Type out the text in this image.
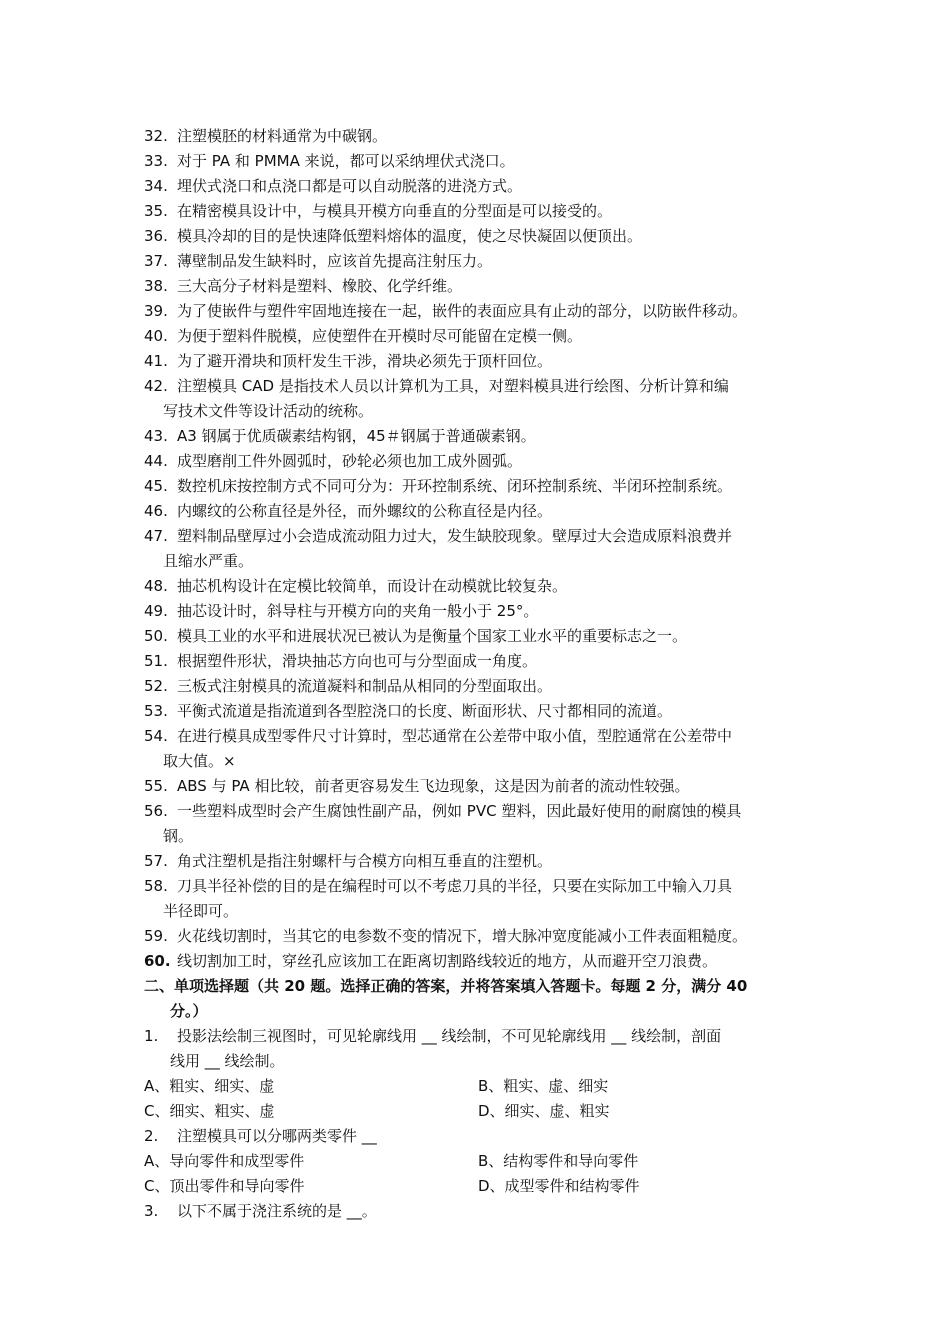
32. 注塑模胚的材料通常为中碳钢。
33. 对于 PA 和 PMMA 来说，都可以采纳埋伏式浇口。
34. 埋伏式浇口和点浇口都是可以自动脱落的进浇方式。
35. 在精密模具设计中，与模具开模方向垂直的分型面是可以接受的。
36. 模具冷却的目的是快速降低塑料熔体的温度，使之尽快凝固以便顶出。
37. 薄壁制品发生缺料时，应该首先提高注射压力。
38. 三大高分子材料是塑料、橡胶、化学纤维。
39. 为了使嵌件与塑件牢固地连接在一起，嵌件的表面应具有止动的部分，以防嵌件移动。
40. 为便于塑料件脱模，应使塑件在开模时尽可能留在定模一侧。
41. 为了避开滑块和顶杆发生干涉，滑块必须先于顶杆回位。
42. 注塑模具 CAD 是指技术人员以计算机为工具，对塑料模具进行绘图、分析计算和编
写技术文件等设计活动的统称。
43. A3 钢属于优质碳素结构钢，45＃钢属于普通碳素钢。
44. 成型磨削工件外圆弧时，砂轮必须也加工成外圆弧。
45. 数控机床按控制方式不同可分为：开环控制系统、闭环控制系统、半闭环控制系统。
46. 内螺纹的公称直径是外径，而外螺纹的公称直径是内径。
47. 塑料制品壁厚过小会造成流动阻力过大，发生缺胶现象。壁厚过大会造成原料浪费并
且缩水严重。
48. 抽芯机构设计在定模比较简单，而设计在动模就比较复杂。
49. 抽芯设计时，斜导柱与开模方向的夹角一般小于 25°。
50. 模具工业的水平和进展状况已被认为是衡量个国家工业水平的重要标志之一。
51. 根据塑件形状，滑块抽芯方向也可与分型面成一角度。
52. 三板式注射模具的流道凝料和制品从相同的分型面取出。
53. 平衡式流道是指流道到各型腔浇口的长度、断面形状、尺寸都相同的流道。
54. 在进行模具成型零件尺寸计算时，型芯通常在公差带中取小值，型腔通常在公差带中
取大值。×
55. ABS 与 PA 相比较，前者更容易发生飞边现象，这是因为前者的流动性较强。
56. 一些塑料成型时会产生腐蚀性副产品，例如 PVC 塑料，因此最好使用的耐腐蚀的模具
钢。
57. 角式注塑机是指注射螺杆与合模方向相互垂直的注塑机。
58. 刀具半径补偿的目的是在编程时可以不考虑刀具的半径，只要在实际加工中输入刀具
半径即可。
59. 火花线切割时，当其它的电参数不变的情况下，增大脉冲宽度能减小工件表面粗糙度。
60. 线切割加工时，穿丝孔应该加工在距离切割路线较近的地方，从而避开空刀浪费。
二、单项选择题（共 20 题。选择正确的答案，并将答案填入答题卡。每题 2 分，满分 40
分。）
1. 投影法绘制三视图时，可见轮廓线用 __ 线绘制，不可见轮廓线用 __ 线绘制，剖面
线用 __ 线绘制。
A、粗实、细实、虚	B、粗实、虚、细实
C、细实、粗实、虚	D、细实、虚、粗实
2. 注塑模具可以分哪两类零件 __
A、导向零件和成型零件	B、结构零件和导向零件
C、顶出零件和导向零件	D、成型零件和结构零件
3. 以下不属于浇注系统的是 __。
